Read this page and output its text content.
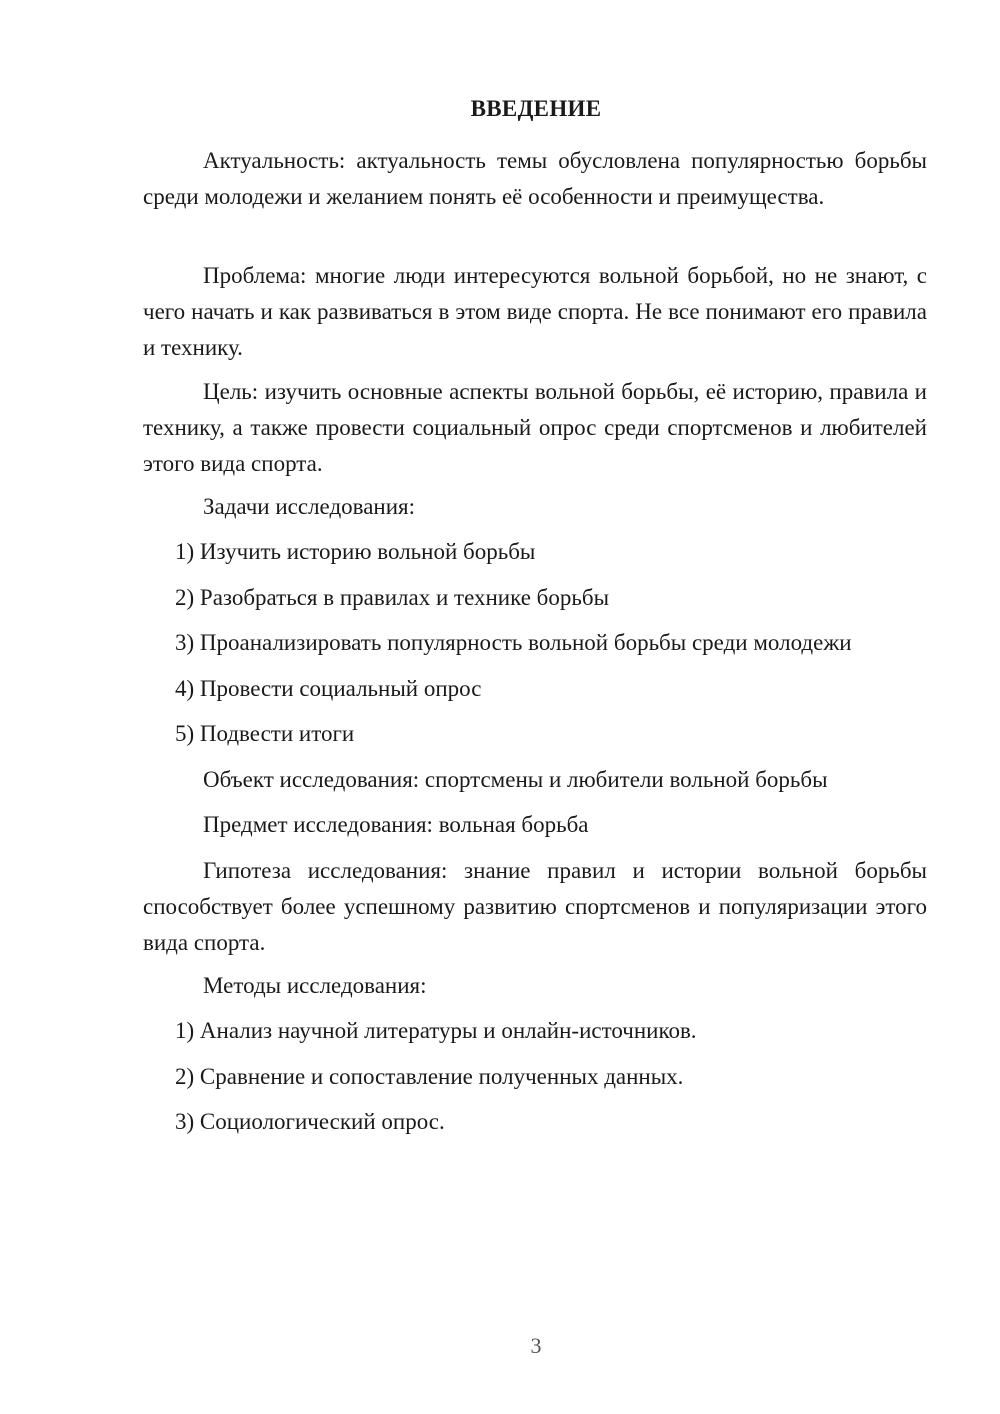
ВВЕДЕНИЕ

Актуальность: актуальность темы обусловлена популярностью борьбы среди молодежи и желанием понять её особенности и преимущества.

Проблема: многие люди интересуются вольной борьбой, но не знают, с чего начать и как развиваться в этом виде спорта. Не все понимают его правила и технику.

Цель: изучить основные аспекты вольной борьбы, её историю, правила и технику, а также провести социальный опрос среди спортсменов и любителей этого вида спорта.

Задачи исследования:

1) Изучить историю вольной борьбы

2) Разобраться в правилах и технике борьбы

3) Проанализировать популярность вольной борьбы среди молодежи

4) Провести социальный опрос

5) Подвести итоги

Объект исследования: спортсмены и любители вольной борьбы

Предмет исследования: вольная борьба

Гипотеза исследования: знание правил и истории вольной борьбы способствует более успешному развитию спортсменов и популяризации этого вида спорта.

Методы исследования:

1) Анализ научной литературы и онлайн-источников.

2) Сравнение и сопоставление полученных данных.

3) Социологический опрос.

3
